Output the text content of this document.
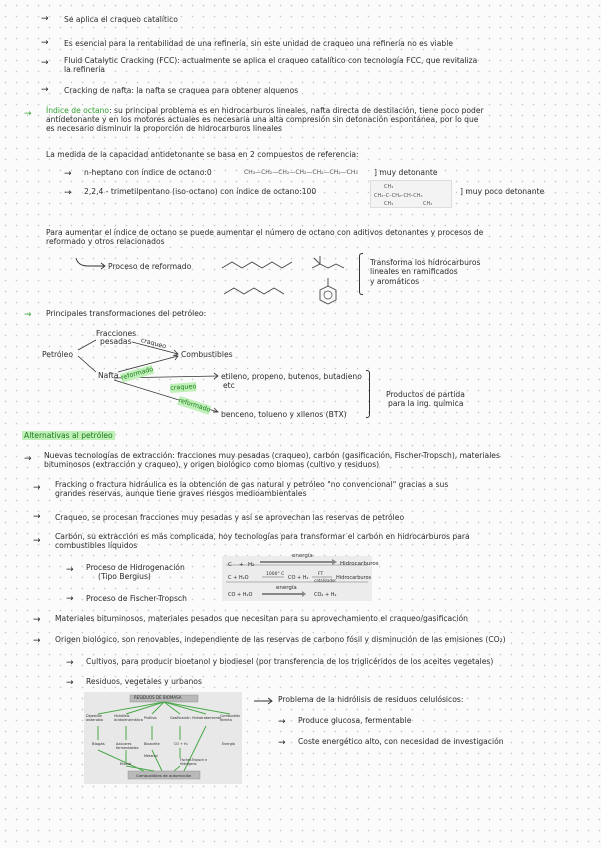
→ Se aplica el craqueo catalítico
→ Es esencial para la rentabilidad de una refinería, sin este unidad de craqueo una refinería no es viable
→ Fluid Catalytic Cracking (FCC): actualmente se aplica el craqueo catalítico con tecnología FCC, que revitaliza
la refinería
→ Cracking de nafta: la nafta se craquea para obtener alquenos
→ Índice de octano: su principal problema es en hidrocarburos lineales, nafta directa de destilación, tiene poco poder
antidetonante y en los motores actuales es necesaria una alta compresión sin detonación espontánea, por lo que
es necesario disminuir la proporción de hidrocarburos lineales
La medida de la capacidad antidetonante se basa en 2 compuestos de referencia:
→ n-heptano con índice de octano:0	CH₃—CH₂—CH₂—CH₂—CH₂—CH₂—CH₃ ] muy detonante
→ 2,2,4 - trimetilpentano (iso-octano) con índice de octano:100	CH₃–C–CH₂–CH–CH₃
CH₃
CH₃	CH₃
] muy poco detonante
Para aumentar el índice de octano se puede aumentar el número de octano con aditivos detonantes y procesos de
reformado y otros relacionados
Proceso de reformado	Transforma los hidrocarburos
lineales en ramificados
y aromáticos
→ Principales transformaciones del petróleo:
Petróleo
Fracciones
pesadas
Combustibles
Nafta	etileno, propeno, butenos, butadieno
etc
benceno, tolueno y xilenos (BTX)
craqueo
reformado
craqueo
reformado
Productos de partida
para la ing. química
Alternativas al petróleo
→ Nuevas tecnologías de extracción: fracciones muy pesadas (craqueo), carbón (gasificación, Fischer-Tropsch), materiales
bituminosos (extracción y craqueo), y origen biológico como biomas (cultivo y residuos)
→ Fracking o fractura hidráulica es la obtención de gas natural y petróleo "no convencional" gracias a sus
grandes reservas, aunque tiene graves riesgos medioambientales
→ Craqueo, se procesan fracciones muy pesadas y así se aprovechan las reservas de petróleo
→ Carbón, su extracción es más complicada, hoy tecnologías para transformar el carbón en hidrocarburos para
combustibles líquidos
→ Proceso de Hidrogenación
(Tipo Bergius)
→ Proceso de Fischer-Tropsch
energía
C + H₂	Hidrocarburos
1000° C	FT
C + H₂O	CO + H₂	Hidrocarburos
catalizador
energía
CO + H₂O	CO₂ + H₂
→ Materiales bituminosos, materiales pesados que necesitan para su aprovechamiento el craqueo/gasificación
→ Origen biológico, son renovables, independiente de las reservas de carbono fósil y disminución de las emisiones (CO₂)
→ Cultivos, para producir bioetanol y biodiesel (por transferencia de los triglicéridos de los aceites vegetales)
→ Residuos, vegetales y urbanos
RESIDUOS DE BIOMASA
Digestión anaerobia
Hidrólisis ácido/enzimática Pirólisis	Gasificación Hidrotratamiento
Combustión directa
Biogás	Azúcares fermentables
Bioaceite	CO + H₂	Energía
Etanol
Metanol
Fischer-Tropsch e Hidrógeno
Combustibles de automoción
Problema de la hidrólisis de residuos celulósicos:
→ Produce glucosa, fermentable
→ Coste energético alto, con necesidad de investigación
